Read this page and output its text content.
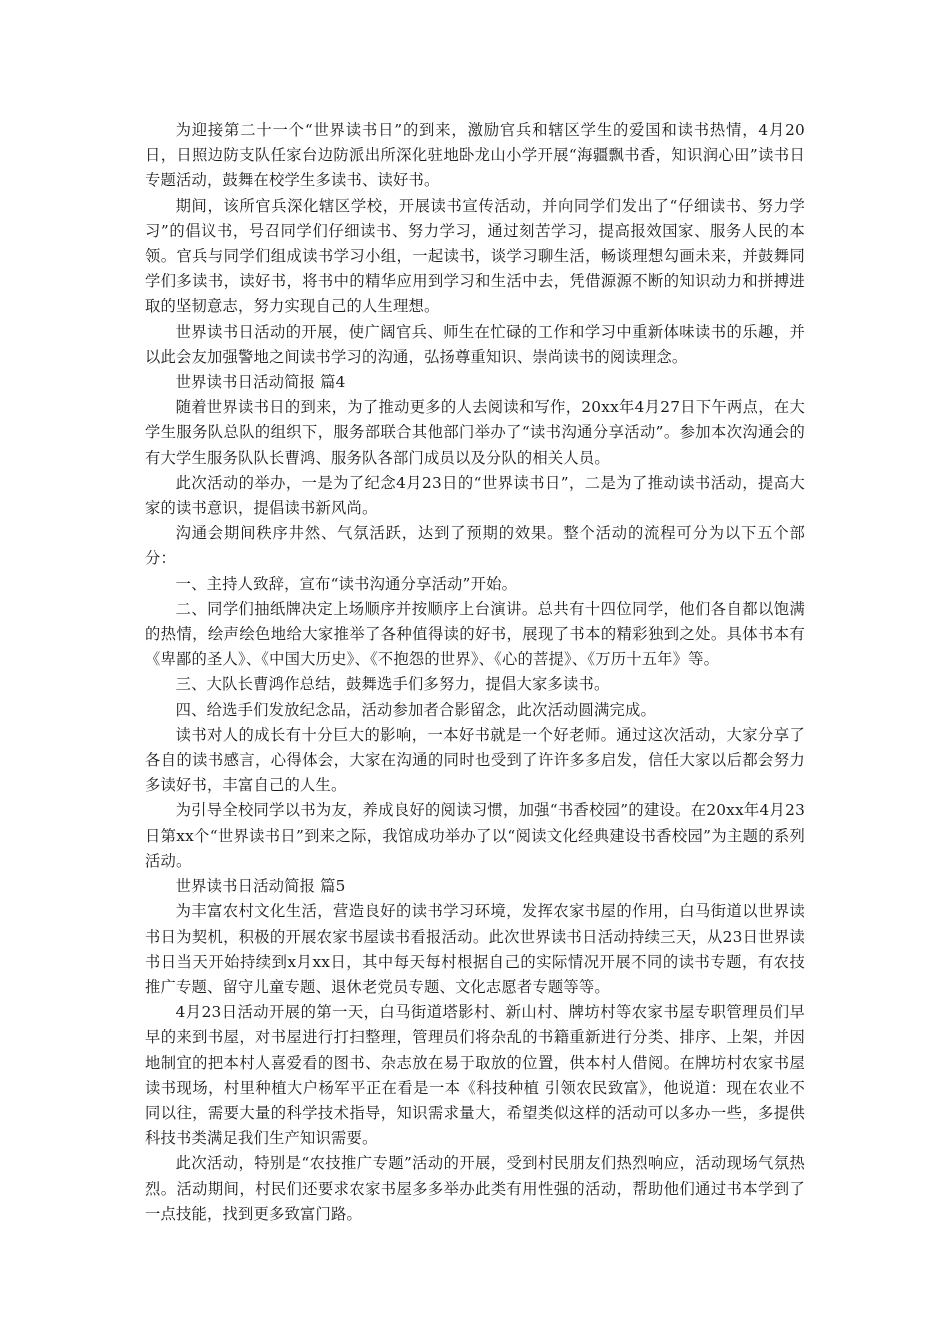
为迎接第二十一个“世界读书日”的到来，激励官兵和辖区学生的爱国和读书热情，4月20日，日照边防支队任家台边防派出所深化驻地卧龙山小学开展“海疆飘书香，知识润心田”读书日专题活动，鼓舞在校学生多读书、读好书。

期间，该所官兵深化辖区学校，开展读书宣传活动，并向同学们发出了“仔细读书、努力学习”的倡议书，号召同学们仔细读书、努力学习，通过刻苦学习，提高报效国家、服务人民的本领。官兵与同学们组成读书学习小组，一起读书，谈学习聊生活，畅谈理想勾画未来，并鼓舞同学们多读书，读好书，将书中的精华应用到学习和生活中去，凭借源源不断的知识动力和拼搏进取的坚韧意志，努力实现自己的人生理想。

世界读书日活动的开展，使广阔官兵、师生在忙碌的工作和学习中重新体味读书的乐趣，并以此会友加强警地之间读书学习的沟通，弘扬尊重知识、崇尚读书的阅读理念。

世界读书日活动简报 篇4

随着世界读书日的到来，为了推动更多的人去阅读和写作，20xx年4月27日下午两点，在大学生服务队总队的组织下，服务部联合其他部门举办了“读书沟通分享活动”。参加本次沟通会的有大学生服务队队长曹鸿、服务队各部门成员以及分队的相关人员。

此次活动的举办，一是为了纪念4月23日的“世界读书日”，二是为了推动读书活动，提高大家的读书意识，提倡读书新风尚。

沟通会期间秩序井然、气氛活跃，达到了预期的效果。整个活动的流程可分为以下五个部分：

一、主持人致辞，宣布“读书沟通分享活动”开始。

二、同学们抽纸牌决定上场顺序并按顺序上台演讲。总共有十四位同学，他们各自都以饱满的热情，绘声绘色地给大家推举了各种值得读的好书，展现了书本的精彩独到之处。具体书本有《卑鄙的圣人》、《中国大历史》、《不抱怨的世界》、《心的菩提》、《万历十五年》等。

三、大队长曹鸿作总结，鼓舞选手们多努力，提倡大家多读书。

四、给选手们发放纪念品，活动参加者合影留念，此次活动圆满完成。

读书对人的成长有十分巨大的影响，一本好书就是一个好老师。通过这次活动，大家分享了各自的读书感言，心得体会，大家在沟通的同时也受到了许许多多启发，信任大家以后都会努力多读好书，丰富自己的人生。

为引导全校同学以书为友，养成良好的阅读习惯，加强“书香校园”的建设。在20xx年4月23日第xx个“世界读书日”到来之际，我馆成功举办了以“阅读文化经典建设书香校园”为主题的系列活动。

世界读书日活动简报 篇5

为丰富农村文化生活，营造良好的读书学习环境，发挥农家书屋的作用，白马街道以世界读书日为契机，积极的开展农家书屋读书看报活动。此次世界读书日活动持续三天，从23日世界读书日当天开始持续到x月xx日，其中每天每村根据自己的实际情况开展不同的读书专题，有农技推广专题、留守儿童专题、退休老党员专题、文化志愿者专题等等。

4月23日活动开展的第一天，白马街道塔影村、新山村、牌坊村等农家书屋专职管理员们早早的来到书屋，对书屋进行打扫整理，管理员们将杂乱的书籍重新进行分类、排序、上架，并因地制宜的把本村人喜爱看的图书、杂志放在易于取放的位置，供本村人借阅。在牌坊村农家书屋读书现场，村里种植大户杨军平正在看是一本《科技种植 引领农民致富》，他说道：现在农业不同以往，需要大量的科学技术指导，知识需求量大，希望类似这样的活动可以多办一些，多提供科技书类满足我们生产知识需要。

此次活动，特别是“农技推广专题”活动的开展，受到村民朋友们热烈响应，活动现场气氛热烈。活动期间，村民们还要求农家书屋多多举办此类有用性强的活动，帮助他们通过书本学到了一点技能，找到更多致富门路。
